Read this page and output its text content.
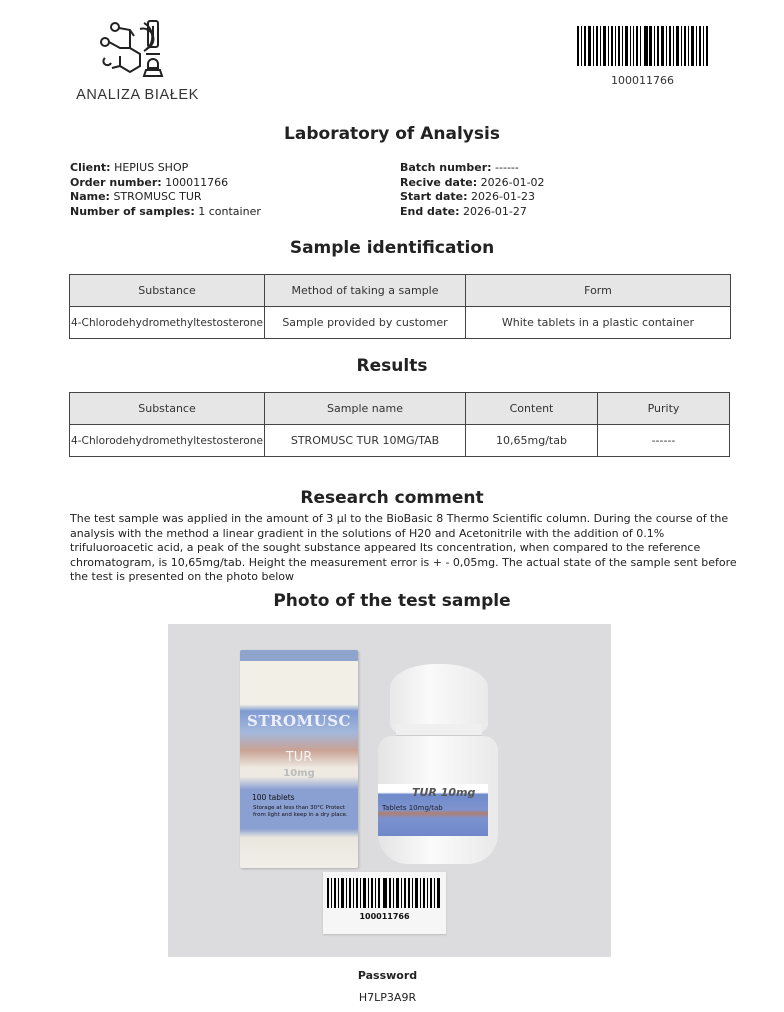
ANALIZA BIAŁEK
100011766
Laboratory of Analysis
Client: HEPIUS SHOP
Order number: 100011766
Name: STROMUSC TUR
Number of samples: 1 container
Batch number: ------
Recive date: 2026-01-02
Start date: 2026-01-23
End date: 2026-01-27
Sample identification
Substance	Method of taking a sample	Form
4-Chlorodehydromethyltestosterone	Sample provided by customer	White tablets in a plastic container
Results
Substance	Sample name	Content	Purity
4-Chlorodehydromethyltestosterone	STROMUSC TUR 10MG/TAB	10,65mg/tab	------
Research comment
The test sample was applied in the amount of 3 µl to the BioBasic 8 Thermo Scientific column. During the course of the analysis with the method a linear gradient in the solutions of H20 and Acetonitrile with the addition of 0.1% trifuluoroacetic acid, a peak of the sought substance appeared Its concentration, when compared to the reference chromatogram, is 10,65mg/tab. Height the measurement error is + - 0,05mg. The actual state of the sample sent before the test is presented on the photo below
Photo of the test sample
STROMUSC
TUR
10mg
100 tablets
Storage at less than 30°C Protect from light and keep in a dry place.
TUR 10mg
Tablets 10mg/tab
100011766
Password
H7LP3A9R
